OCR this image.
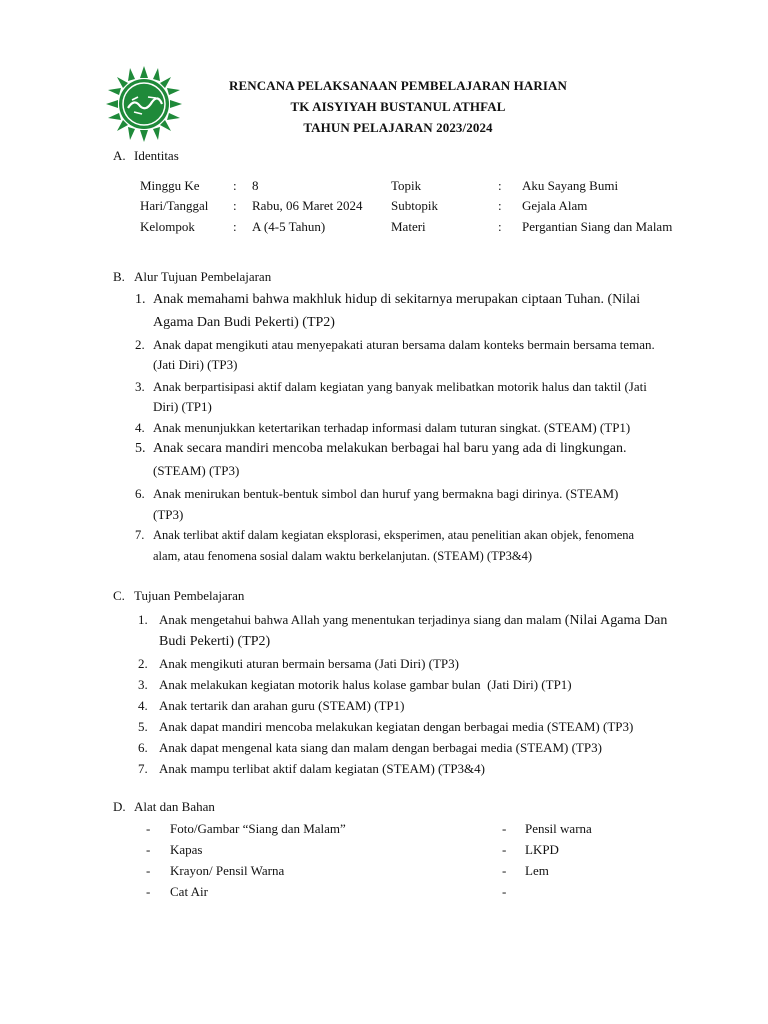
RENCANA PELAKSANAAN PEMBELAJARAN HARIAN
TK AISYIYAH BUSTANUL ATHFAL
TAHUN PELAJARAN 2023/2024
A. Identitas
Minggu Ke	: 8	Topik	: Aku Sayang Bumi
Hari/Tanggal : Rabu, 06 Maret 2024 Subtopik	: Gejala Alam
Kelompok	: A (4-5 Tahun)	Materi	: Pergantian Siang dan Malam
B. Alur Tujuan Pembelajaran
1. Anak memahami bahwa makhluk hidup di sekitarnya merupakan ciptaan Tuhan. (Nilai
Agama Dan Budi Pekerti) (TP2)
2. Anak dapat mengikuti atau menyepakati aturan bersama dalam konteks bermain bersama teman.
(Jati Diri) (TP3)
3. Anak berpartisipasi aktif dalam kegiatan yang banyak melibatkan motorik halus dan taktil (Jati
Diri) (TP1)
4. Anak menunjukkan ketertarikan terhadap informasi dalam tuturan singkat. (STEAM) (TP1)
5. Anak secara mandiri mencoba melakukan berbagai hal baru yang ada di lingkungan.
(STEAM) (TP3)
6. Anak menirukan bentuk-bentuk simbol dan huruf yang bermakna bagi dirinya. (STEAM)
(TP3)
7. Anak terlibat aktif dalam kegiatan eksplorasi, eksperimen, atau penelitian akan objek, fenomena
alam, atau fenomena sosial dalam waktu berkelanjutan. (STEAM) (TP3&4)
C. Tujuan Pembelajaran
1. Anak mengetahui bahwa Allah yang menentukan terjadinya siang dan malam (Nilai Agama Dan
Budi Pekerti) (TP2)
2. Anak mengikuti aturan bermain bersama (Jati Diri) (TP3)
3. Anak melakukan kegiatan motorik halus kolase gambar bulan  (Jati Diri) (TP1)
4. Anak tertarik dan arahan guru (STEAM) (TP1)
5. Anak dapat mandiri mencoba melakukan kegiatan dengan berbagai media (STEAM) (TP3)
6. Anak dapat mengenal kata siang dan malam dengan berbagai media (STEAM) (TP3)
7. Anak mampu terlibat aktif dalam kegiatan (STEAM) (TP3&4)
D. Alat dan Bahan
- Foto/Gambar “Siang dan Malam”
- Kapas
- Krayon/ Pensil Warna
- Cat Air
- Pensil warna
- LKPD
- Lem
-
